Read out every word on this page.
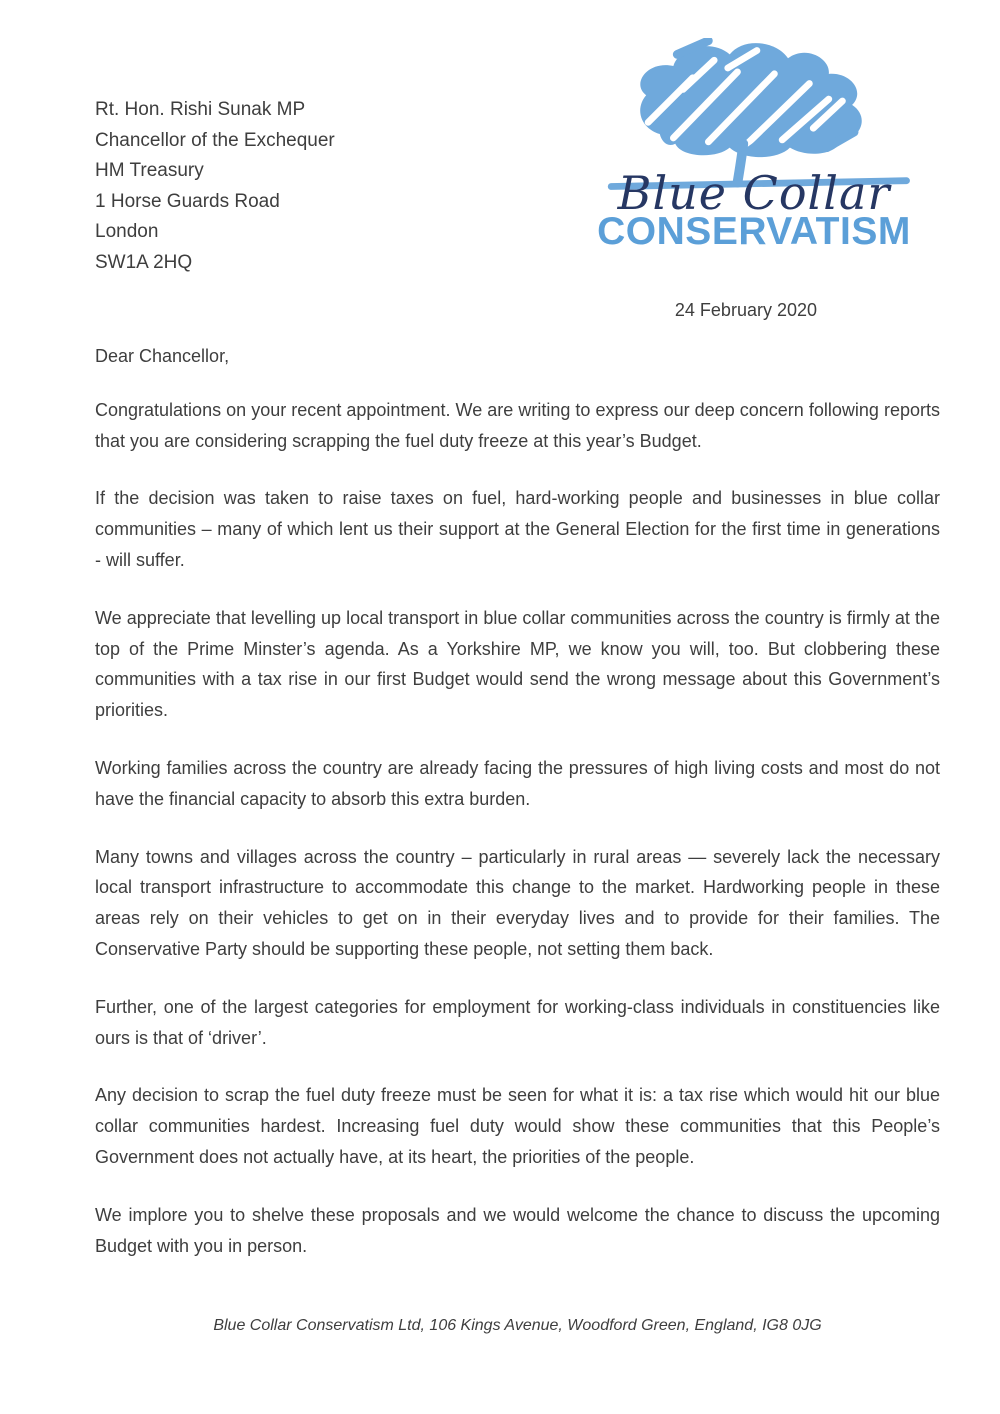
Rt. Hon. Rishi Sunak MP
Chancellor of the Exchequer
HM Treasury
1 Horse Guards Road
London
SW1A 2HQ
Blue Collar
CONSERVATISM
24 February 2020

Dear Chancellor,

Congratulations on your recent appointment. We are writing to express our deep concern following reports that you are considering scrapping the fuel duty freeze at this year’s Budget.

If the decision was taken to raise taxes on fuel, hard-working people and businesses in blue collar communities – many of which lent us their support at the General Election for the first time in generations - will suffer.

We appreciate that levelling up local transport in blue collar communities across the country is firmly at the top of the Prime Minster’s agenda. As a Yorkshire MP, we know you will, too. But clobbering these communities with a tax rise in our first Budget would send the wrong message about this Government’s priorities.

Working families across the country are already facing the pressures of high living costs and most do not have the financial capacity to absorb this extra burden.

Many towns and villages across the country – particularly in rural areas — severely lack the necessary local transport infrastructure to accommodate this change to the market. Hardworking people in these areas rely on their vehicles to get on in their everyday lives and to provide for their families. The Conservative Party should be supporting these people, not setting them back.

Further, one of the largest categories for employment for working-class individuals in constituencies like ours is that of ‘driver’.

Any decision to scrap the fuel duty freeze must be seen for what it is: a tax rise which would hit our blue collar communities hardest. Increasing fuel duty would show these communities that this People’s Government does not actually have, at its heart, the priorities of the people.

We implore you to shelve these proposals and we would welcome the chance to discuss the upcoming Budget with you in person.

Blue Collar Conservatism Ltd, 106 Kings Avenue, Woodford Green, England, IG8 0JG
